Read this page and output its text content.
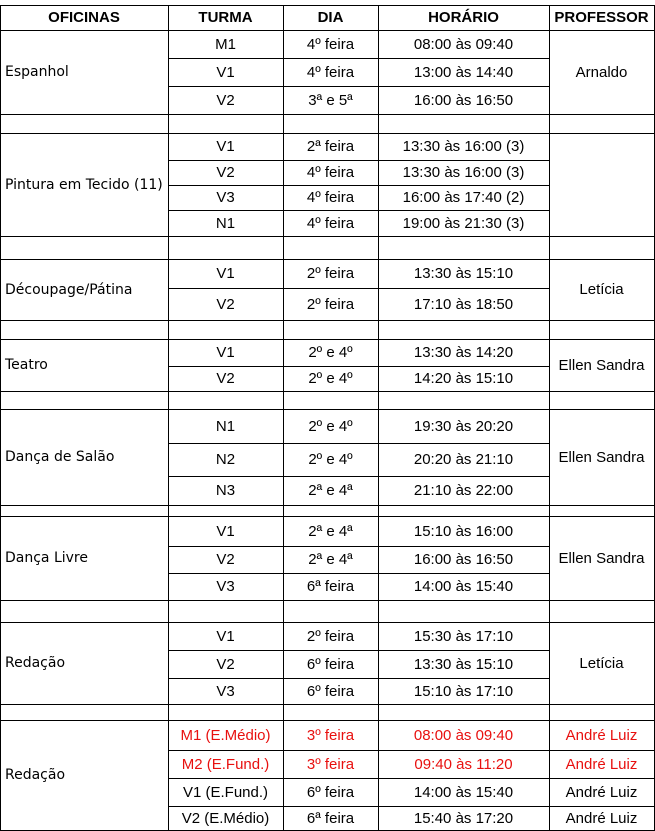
OFICINAS	TURMA	DIA	HORÁRIO	PROFESSOR
Espanhol
M1	4º feira	08:00 às 09:40
V1	4º feira	13:00 às 14:40
V2	3ª e 5ª	16:00 às 16:50
Arnaldo
Pintura em Tecido (11)
V1	2ª feira	13:30 às 16:00 (3)
V2	4º feira	13:30 às 16:00 (3)
V3	4º feira	16:00 às 17:40 (2)
N1	4º feira	19:00 às 21:30 (3)
Découpage/Pátina
V1	2º feira	13:30 às 15:10
V2	2º feira	17:10 às 18:50
Letícia
Teatro
V1	2º e 4º	13:30 às 14:20
V2	2º e 4º	14:20 às 15:10
Ellen Sandra
Dança de Salão
N1	2º e 4º	19:30 às 20:20
N2	2º e 4º	20:20 às 21:10
N3	2ª e 4ª	21:10 às 22:00
Ellen Sandra
Dança Livre
V1	2ª e 4ª	15:10 às 16:00
V2	2ª e 4ª	16:00 às 16:50
V3	6ª feira	14:00 às 15:40
Ellen Sandra
Redação
V1	2º feira	15:30 às 17:10
V2	6º feira	13:30 às 15:10
V3	6º feira	15:10 às 17:10
Letícia
Redação
M1 (E.Médio)	3º feira	08:00 às 09:40	André Luiz
M2 (E.Fund.)	3º feira	09:40 às 11:20	André Luiz
V1 (E.Fund.)	6º feira	14:00 às 15:40	André Luiz
V2 (E.Médio)	6ª feira	15:40 às 17:20	André Luiz
